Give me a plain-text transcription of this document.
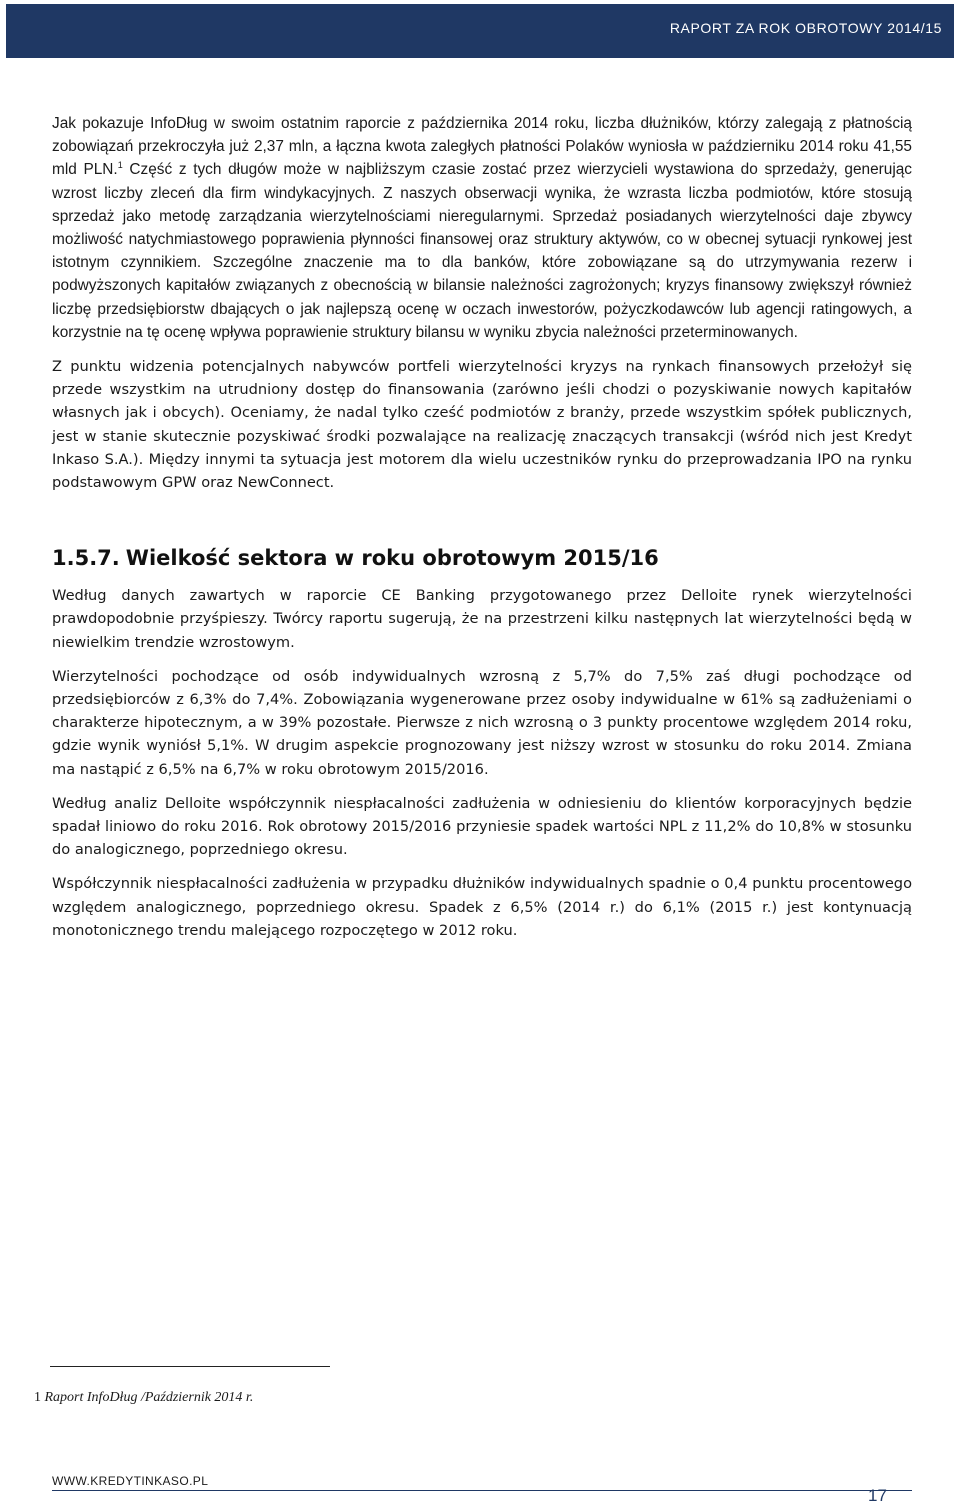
RAPORT ZA ROK OBROTOWY 2014/15

Jak pokazuje InfoDług w swoim ostatnim raporcie z października 2014 roku, liczba dłużników, którzy zalegają z płatnością zobowiązań przekroczyła już 2,37 mln, a łączna kwota zaległych płatności Polaków wyniosła w październiku 2014 roku 41,55 mld PLN.$^1$ Część z tych długów może w najbliższym czasie zostać przez wierzycieli wystawiona do sprzedaży, generując wzrost liczby zleceń dla firm windykacyjnych. Z naszych obserwacji wynika, że wzrasta liczba podmiotów, które stosują sprzedaż jako metodę zarządzania wierzytelnościami nieregularnymi. Sprzedaż posiadanych wierzytelności daje zbywcy możliwość natychmiastowego poprawienia płynności finansowej oraz struktury aktywów, co w obecnej sytuacji rynkowej jest istotnym czynnikiem. Szczególne znaczenie ma to dla banków, które zobowiązane są do utrzymywania rezerw i podwyższonych kapitałów związanych z obecnością w bilansie należności zagrożonych; kryzys finansowy zwiększył również liczbę przedsiębiorstw dbających o jak najlepszą ocenę w oczach inwestorów, pożyczkodawców lub agencji ratingowych, a korzystnie na tę ocenę wpływa poprawienie struktury bilansu w wyniku zbycia należności przeterminowanych.

Z punktu widzenia potencjalnych nabywców portfeli wierzytelności kryzys na rynkach finansowych przełożył się przede wszystkim na utrudniony dostęp do finansowania (zarówno jeśli chodzi o pozyskiwanie nowych kapitałów własnych jak i obcych). Oceniamy, że nadal tylko cześć podmiotów z branży, przede wszystkim spółek publicznych, jest w stanie skutecznie pozyskiwać środki pozwalające na realizację znaczących transakcji (wśród nich jest Kredyt Inkaso S.A.). Między innymi ta sytuacja jest motorem dla wielu uczestników rynku do przeprowadzania IPO na rynku podstawowym GPW oraz NewConnect.

1.5.7. Wielkość sektora w roku obrotowym 2015/16

Według danych zawartych w raporcie CE Banking przygotowanego przez Delloite rynek wierzytelności prawdopodobnie przyśpieszy. Twórcy raportu sugerują, że na przestrzeni kilku następnych lat wierzytelności będą w niewielkim trendzie wzrostowym.

Wierzytelności pochodzące od osób indywidualnych wzrosną z 5,7% do 7,5% zaś długi pochodzące od przedsiębiorców z 6,3% do 7,4%. Zobowiązania wygenerowane przez osoby indywidualne w 61% są zadłużeniami o charakterze hipotecznym, a w 39% pozostałe. Pierwsze z nich wzrosną o 3 punkty procentowe względem 2014 roku, gdzie wynik wyniósł 5,1%. W drugim aspekcie prognozowany jest niższy wzrost w stosunku do roku 2014. Zmiana ma nastąpić z 6,5% na 6,7% w roku obrotowym 2015/2016.

Według analiz Delloite współczynnik niespłacalności zadłużenia w odniesieniu do klientów korporacyjnych będzie spadał liniowo do roku 2016. Rok obrotowy 2015/2016 przyniesie spadek wartości NPL z 11,2% do 10,8% w stosunku do analogicznego, poprzedniego okresu.

Współczynnik niespłacalności zadłużenia w przypadku dłużników indywidualnych spadnie o 0,4 punktu procentowego względem analogicznego, poprzedniego okresu. Spadek z 6,5% (2014 r.) do 6,1% (2015 r.) jest kontynuacją monotonicznego trendu malejącego rozpoczętego w 2012 roku.

1 Raport InfoDług /Październik 2014 r.
WWW.KREDYTINKASO.PL
17
